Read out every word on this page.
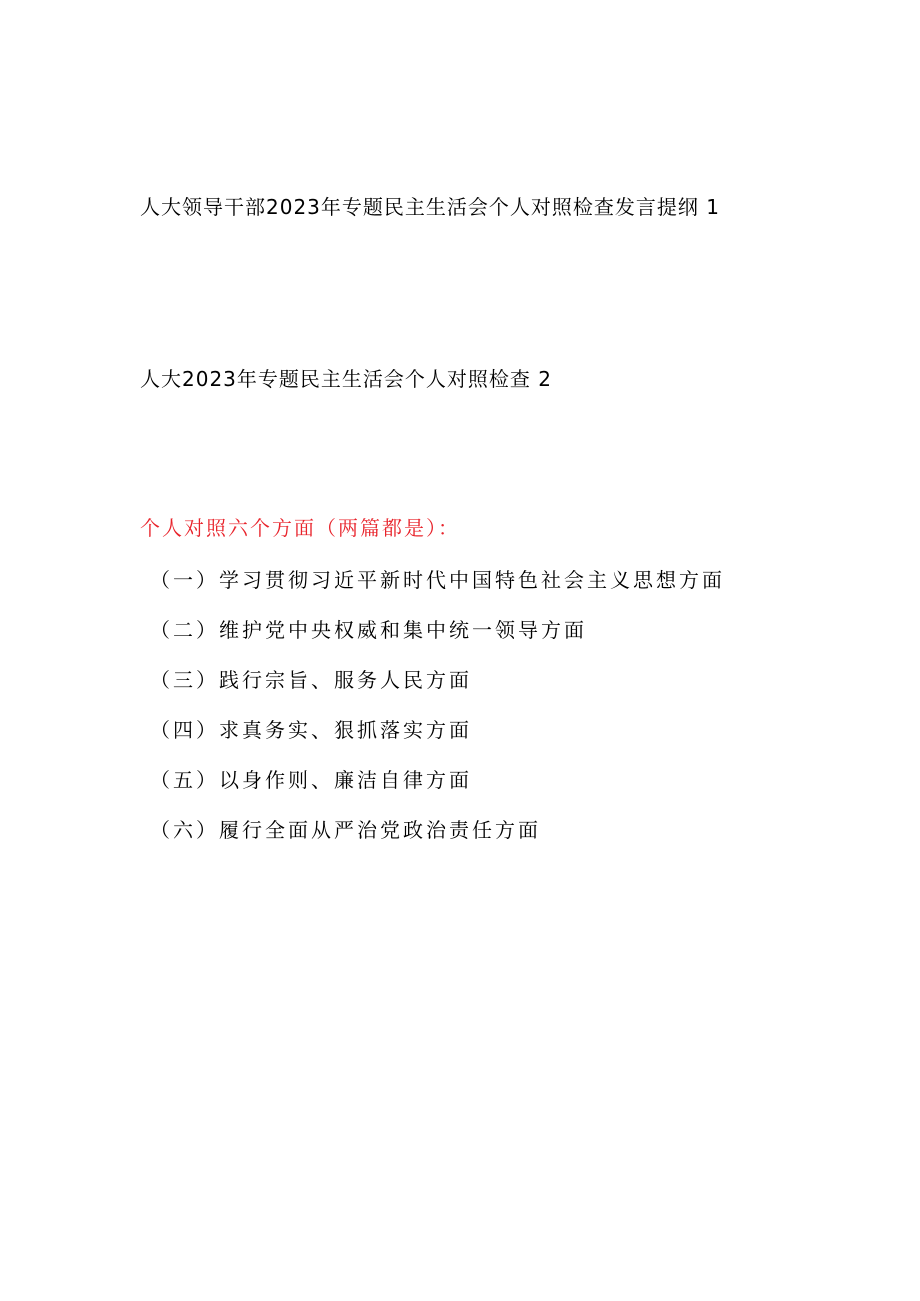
人大领导干部2023年专题民主生活会个人对照检查发言提纲 1
人大2023年专题民主生活会个人对照检查 2
个人对照六个方面（两篇都是）：
（一）学习贯彻习近平新时代中国特色社会主义思想方面
（二）维护党中央权威和集中统一领导方面
（三）践行宗旨、服务人民方面
（四）求真务实、狠抓落实方面
（五）以身作则、廉洁自律方面
（六）履行全面从严治党政治责任方面
